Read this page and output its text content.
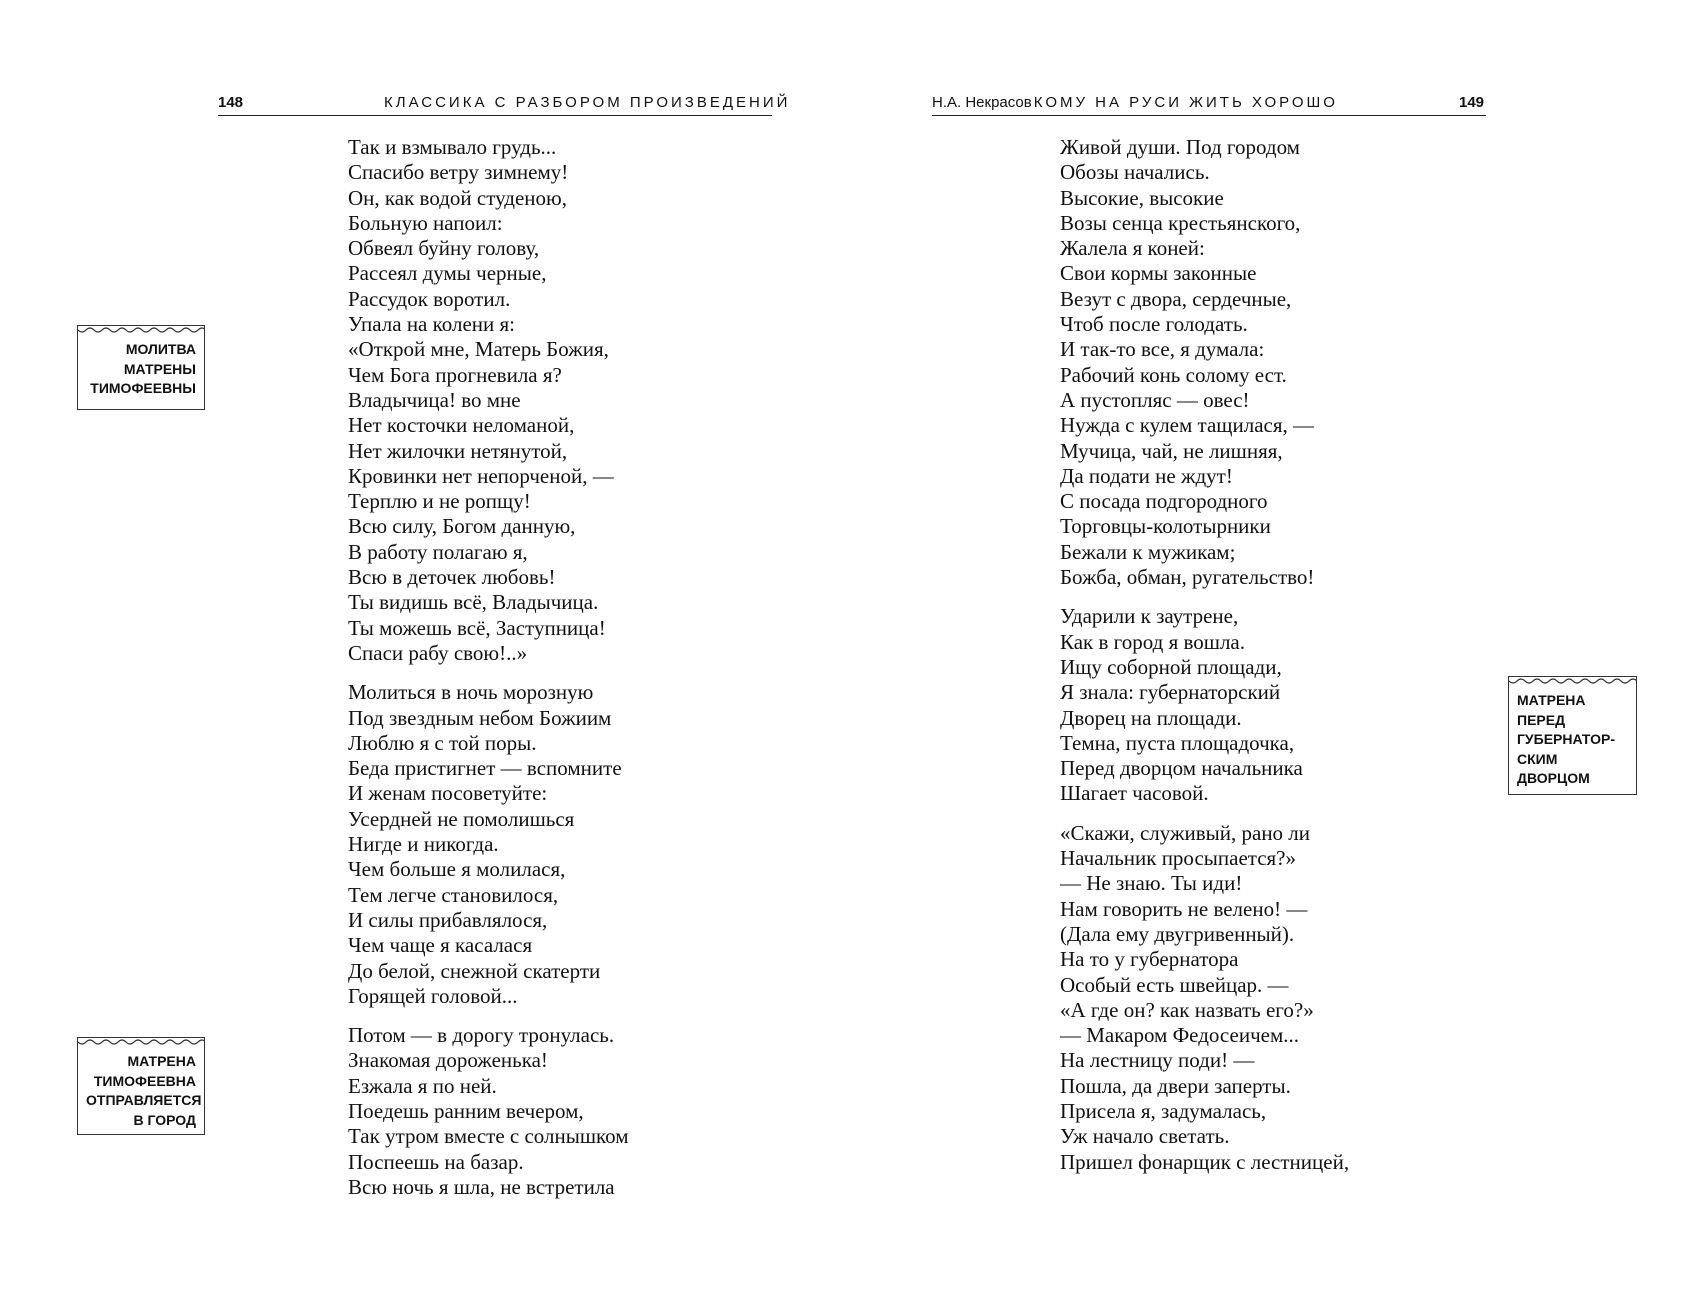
148	КЛАССИКА С РАЗБОРОМ ПРОИЗВЕДЕНИЙ	Н.А. Некрасов КОМУ НА РУСИ ЖИТЬ ХОРОШО	149
Так и взмывало грудь...
Спасибо ветру зимнему!
Он, как водой студеною,
Больную напоил:
Обвеял буйну голову,
Рассеял думы черные,
Рассудок воротил.
Упала на колени я:
«Открой мне, Матерь Божия,
Чем Бога прогневила я?
Владычица! во мне
Нет косточки неломаной,
Нет жилочки нетянутой,
Кровинки нет непорченой, —
Терплю и не ропщу!
Всю силу, Богом данную,
В работу полагаю я,
Всю в деточек любовь!
Ты видишь всё, Владычица.
Ты можешь всё, Заступница!
Спаси рабу свою!..»
Молиться в ночь морозную
Под звездным небом Божиим
Люблю я с той поры.
Беда пристигнет — вспомните
И женам посоветуйте:
Усердней не помолишься
Нигде и никогда.
Чем больше я молилася,
Тем легче становилося,
И силы прибавлялося,
Чем чаще я касалася
До белой, снежной скатерти
Горящей головой...
Потом — в дорогу тронулась.
Знакомая дороженька!
Езжала я по ней.
Поедешь ранним вечером,
Так утром вместе с солнышком
Поспеешь на базар.
Всю ночь я шла, не встретила
Живой души. Под городом
Обозы начались.
Высокие, высокие
Возы сенца крестьянского,
Жалела я коней:
Свои кормы законные
Везут с двора, сердечные,
Чтоб после голодать.
И так-то все, я думала:
Рабочий конь солому ест.
А пустопляс — овес!
Нужда с кулем тащилася, —
Мучица, чай, не лишняя,
Да подати не ждут!
С посада подгородного
Торговцы-колотырники
Бежали к мужикам;
Божба, обман, ругательство!
Ударили к заутрене,
Как в город я вошла.
Ищу соборной площади,
Я знала: губернаторский
Дворец на площади.
Темна, пуста площадочка,
Перед дворцом начальника
Шагает часовой.
«Скажи, служивый, рано ли
Начальник просыпается?»
— Не знаю. Ты иди!
Нам говорить не велено! —
(Дала ему двугривенный).
На то у губернатора
Особый есть швейцар. —
«А где он? как назвать его?»
— Макаром Федосеичем...
На лестницу поди! —
Пошла, да двери заперты.
Присела я, задумалась,
Уж начало светать.
Пришел фонарщик с лестницей,
МОЛИТВА
МАТРЕНЫ
ТИМОФЕЕВНЫ
МАТРЕНА
ТИМОФЕЕВНА
ОТПРАВЛЯЕТСЯ
В ГОРОД
МАТРЕНА
ПЕРЕД
ГУБЕРНАТОР-
СКИМ
ДВОРЦОМ
